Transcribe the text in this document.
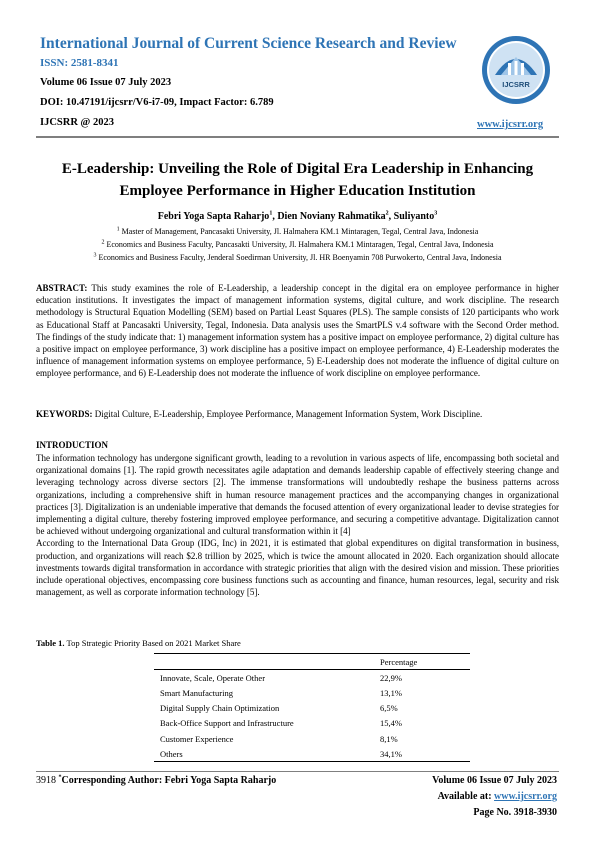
International Journal of Current Science Research and Review
ISSN: 2581-8341
Volume 06 Issue 07 July 2023
DOI: 10.47191/ijcsrr/V6-i7-09, Impact Factor: 6.789
IJCSRR @ 2023
IJCSRR
www.ijcsrr.org
E-Leadership: Unveiling the Role of Digital Era Leadership in Enhancing Employee Performance in Higher Education Institution
Febri Yoga Sapta Raharjo$^1$, Dien Noviany Rahmatika$^2$, Suliyanto$^3$
$^1$ Master of Management, Pancasakti University, Jl. Halmahera KM.1 Mintaragen, Tegal, Central Java, Indonesia
$^2$ Economics and Business Faculty, Pancasakti University, Jl. Halmahera KM.1 Mintaragen, Tegal, Central Java, Indonesia
$^3$ Economics and Business Faculty, Jenderal Soedirman University, Jl. HR Boenyamin 708 Purwokerto, Central Java, Indonesia
ABSTRACT: This study examines the role of E-Leadership, a leadership concept in the digital era on employee performance in higher education institutions. It investigates the impact of management information systems, digital culture, and work discipline. The research methodology is Structural Equation Modelling (SEM) based on Partial Least Squares (PLS). The sample consists of 120 participants who work as Educational Staff at Pancasakti University, Tegal, Indonesia. Data analysis uses the SmartPLS v.4 software with the Second Order method. The findings of the study indicate that: 1) management information system has a positive impact on employee performance, 2) digital culture has a positive impact on employee performance, 3) work discipline has a positive impact on employee performance, 4) E-Leadership moderates the influence of management information systems on employee performance, 5) E-Leadership does not moderate the influence of digital culture on employee performance, and 6) E-Leadership does not moderate the influence of work discipline on employee performance.
KEYWORDS: Digital Culture, E-Leadership, Employee Performance, Management Information System, Work Discipline.
INTRODUCTION

The information technology has undergone significant growth, leading to a revolution in various aspects of life, encompassing both societal and organizational domains [1]. The rapid growth necessitates agile adaptation and demands leadership capable of effectively steering change and leveraging technology across diverse sectors [2]. The immense transformations will undoubtedly reshape the business patterns across organizations, including a comprehensive shift in human resource management practices and the accompanying changes in organizational practices [3]. Digitalization is an undeniable imperative that demands the focused attention of every organizational leader to devise strategies for implementing a digital culture, thereby fostering improved employee performance, and securing a competitive advantage. Digitalization cannot be achieved without undergoing organizational and cultural transformation within it [4]

According to the International Data Group (IDG, Inc) in 2021, it is estimated that global expenditures on digital transformation in business, production, and organizations will reach $2.8 trillion by 2025, which is twice the amount allocated in 2020. Each organization should allocate investments towards digital transformation in accordance with strategic priorities that align with the desired vision and mission. These priorities include operational objectives, encompassing core business functions such as accounting and finance, human resources, legal, security and risk management, as well as corporate information technology [5].

Table 1. Top Strategic Priority Based on 2021 Market Share
	Percentage
Innovate, Scale, Operate Other	22,9%
Smart Manufacturing	13,1%
Digital Supply Chain Optimization	6,5%
Back-Office Support and Infrastructure	15,4%
Customer Experience	8,1%
Others	34,1%
3918 *Corresponding Author: Febri Yoga Sapta Raharjo	Volume 06 Issue 07 July 2023
Available at: www.ijcsrr.org
Page No. 3918-3930
